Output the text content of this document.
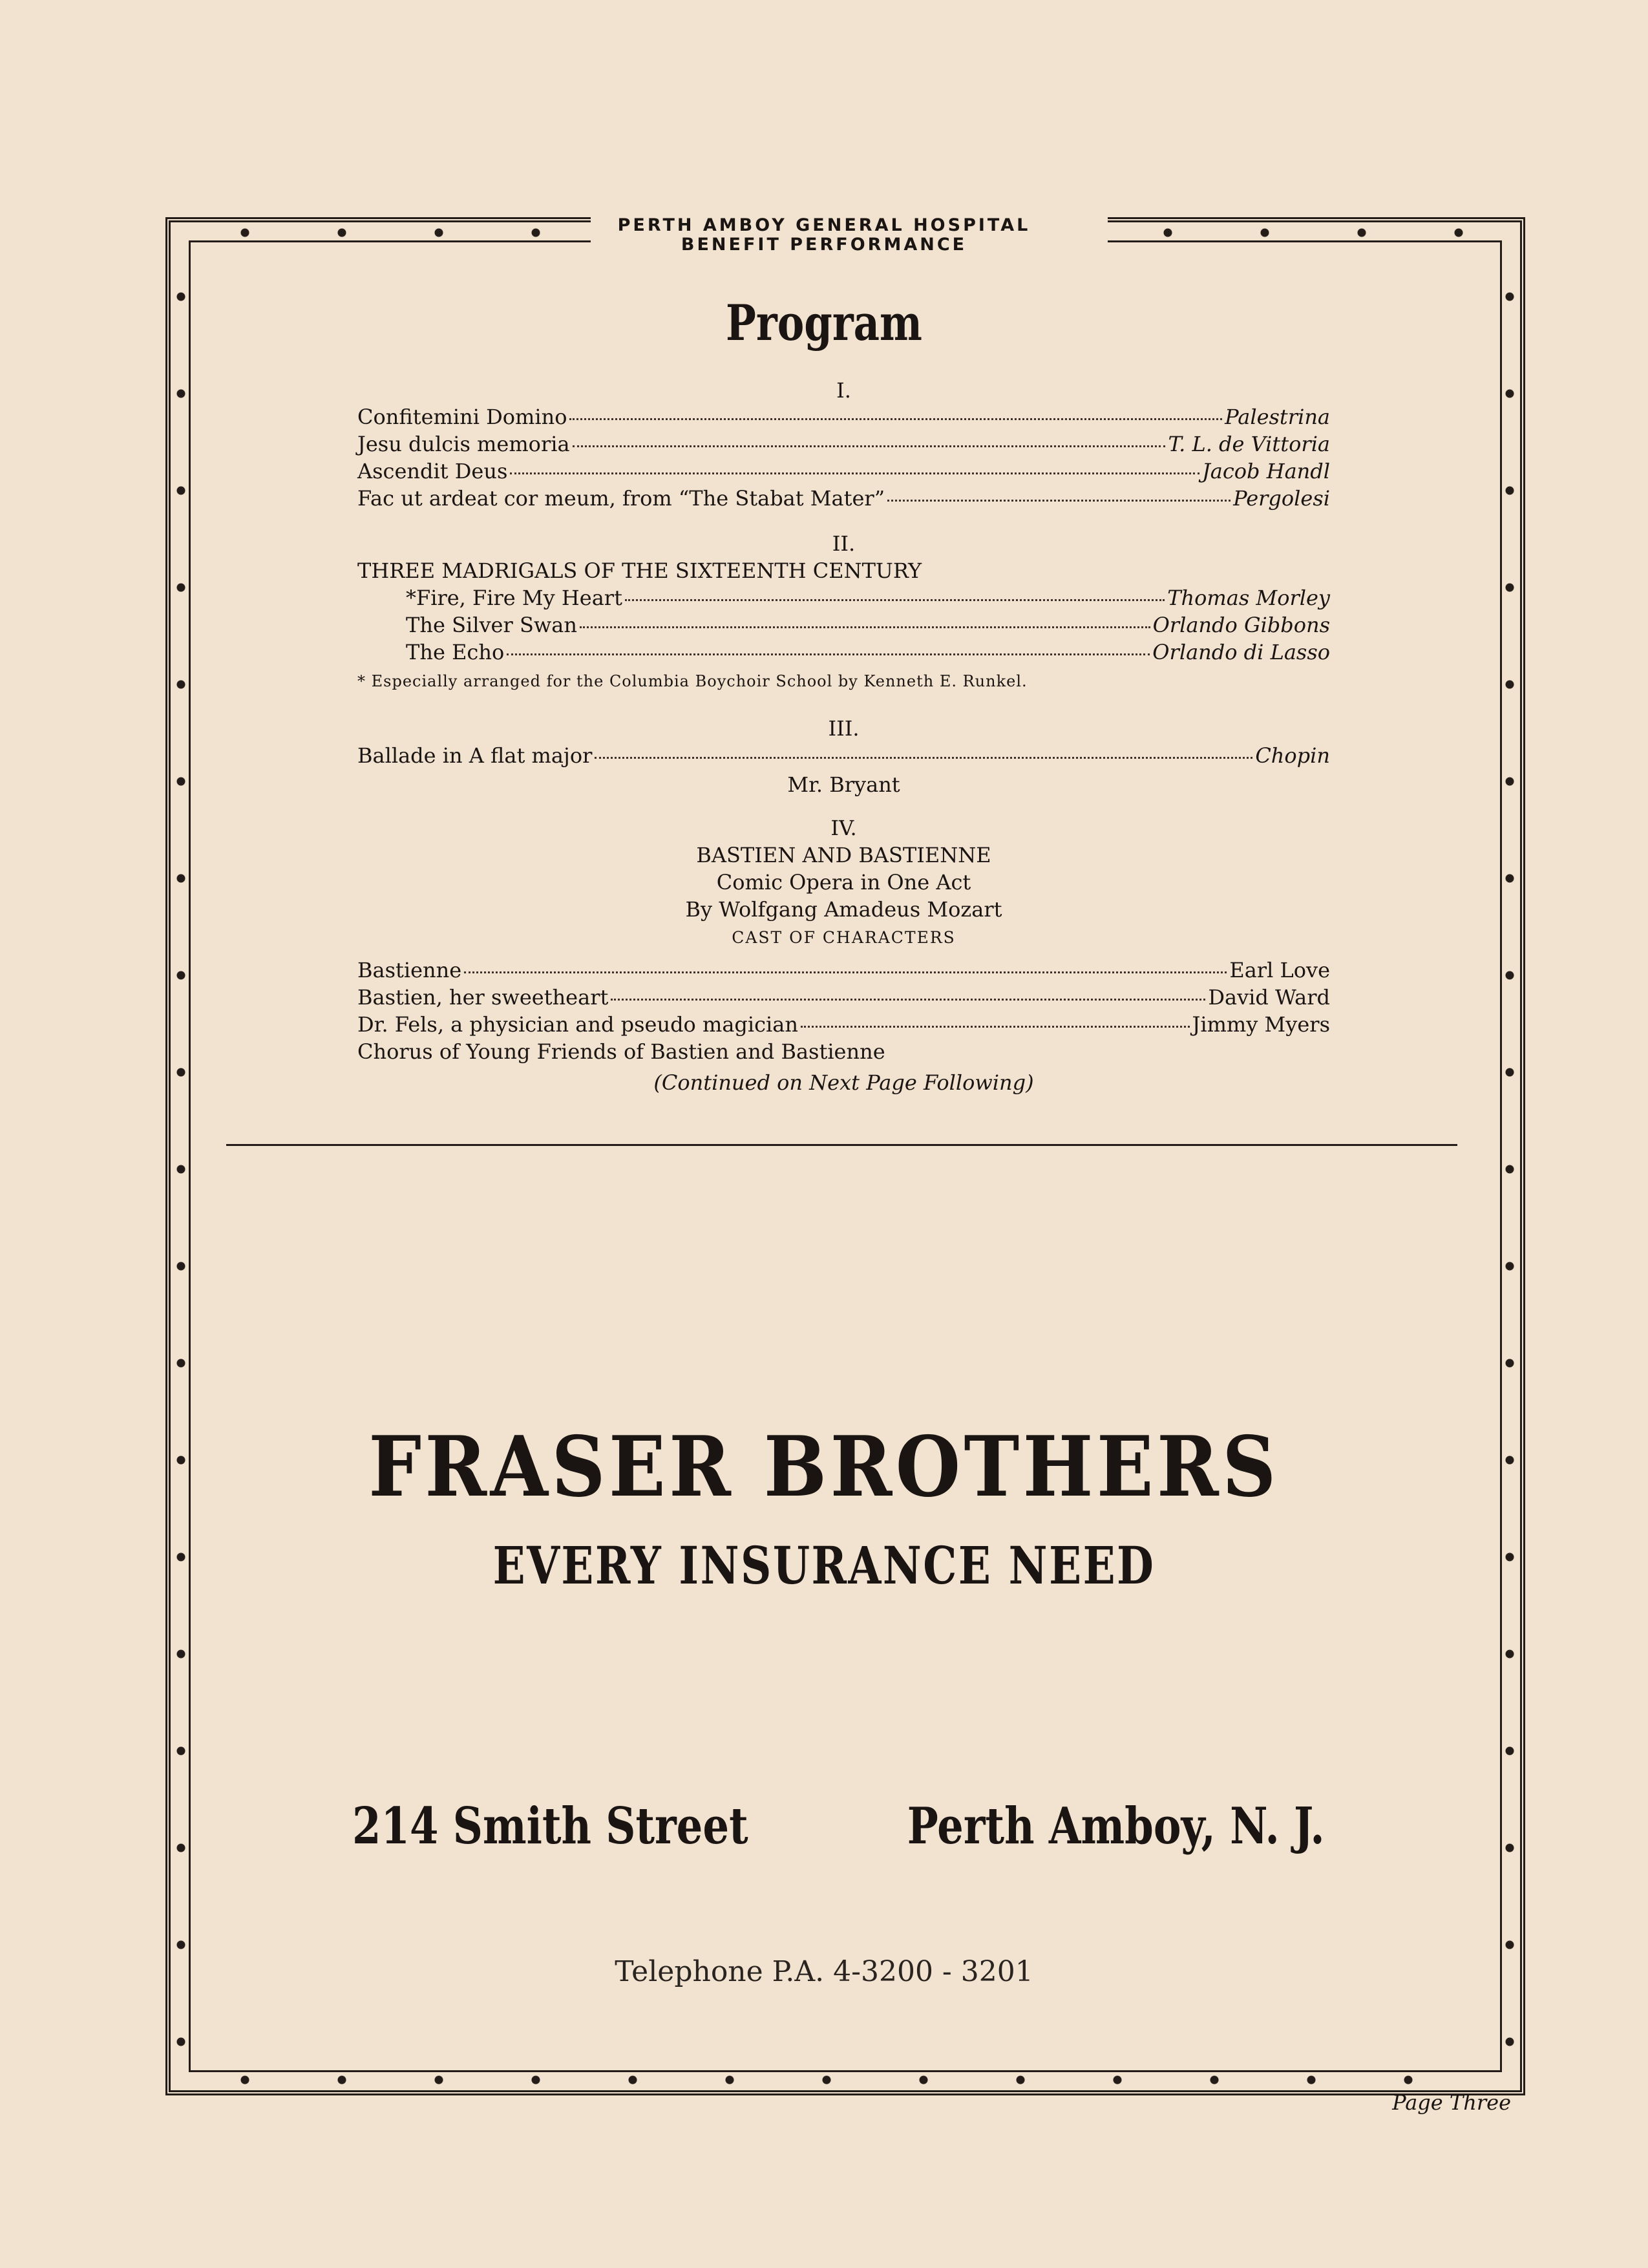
PERTH AMBOY GENERAL HOSPITAL
BENEFIT PERFORMANCE
Program
I.
Confitemini Domino	Palestrina
Jesu dulcis memoria	T. L. de Vittoria
Ascendit Deus	Jacob Handl
Fac ut ardeat cor meum, from “The Stabat Mater”	Pergolesi
II.
THREE MADRIGALS OF THE SIXTEENTH CENTURY
*Fire, Fire My Heart	Thomas Morley
The Silver Swan	Orlando Gibbons
The Echo	Orlando di Lasso
* Especially arranged for the Columbia Boychoir School by Kenneth E. Runkel.
III.
Ballade in A flat major	Chopin
Mr. Bryant
IV.
BASTIEN AND BASTIENNE
Comic Opera in One Act
By Wolfgang Amadeus Mozart
CAST OF CHARACTERS
Bastienne	Earl Love
Bastien, her sweetheart	David Ward
Dr. Fels, a physician and pseudo magician	Jimmy Myers
Chorus of Young Friends of Bastien and Bastienne
(Continued on Next Page Following)
FRASER BROTHERS
EVERY INSURANCE NEED
214 Smith Street	Perth Amboy, N. J.
Telephone P.A. 4-3200 - 3201
Page Three
